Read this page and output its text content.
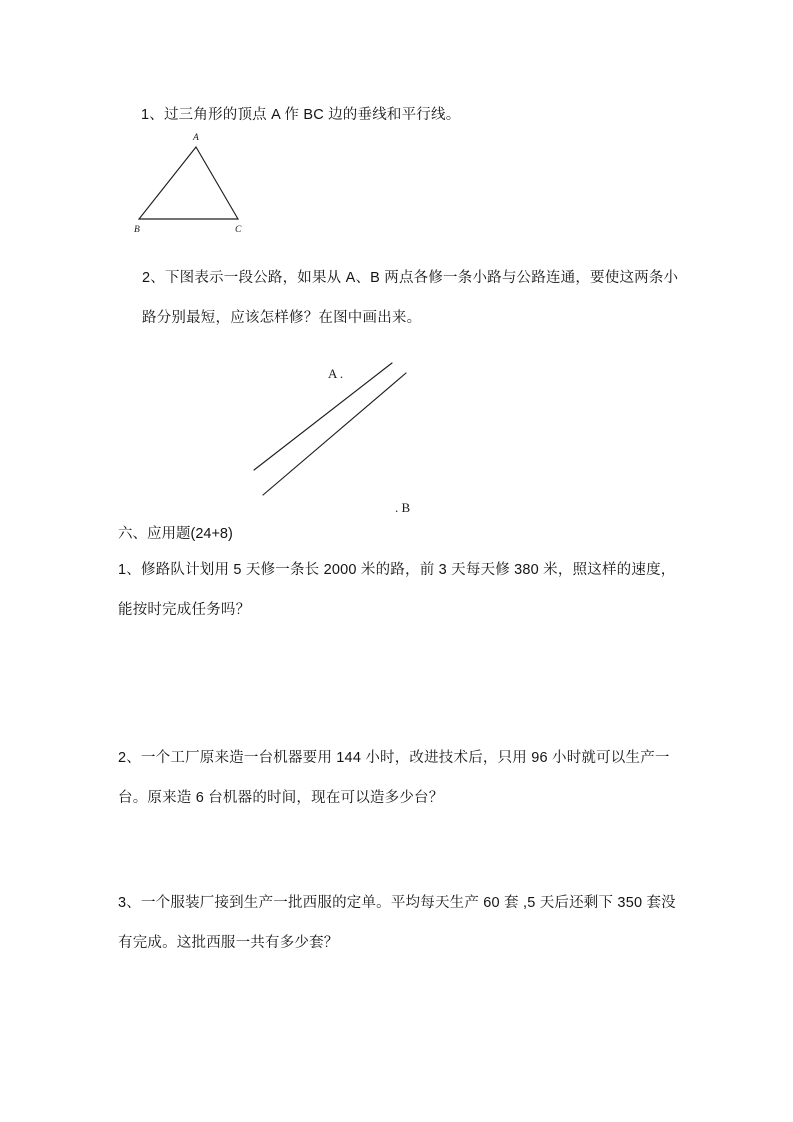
1、过三角形的顶点 A 作 BC 边的垂线和平行线。
A
B	C
2、下图表示一段公路，如果从 A、B 两点各修一条小路与公路连通，要使这两条小路分别最短，应该怎样修？在图中画出来。
A .
. B
六、应用题(24+8)
1、修路队计划用 5 天修一条长 2000 米的路，前 3 天每天修 380 米，照这样的速度，能按时完成任务吗？
2、一个工厂原来造一台机器要用 144 小时，改进技术后，只用 96 小时就可以生产一台。原来造 6 台机器的时间，现在可以造多少台？
3、一个服装厂接到生产一批西服的定单。平均每天生产 60 套 ,5 天后还剩下 350 套没有完成。这批西服一共有多少套？
